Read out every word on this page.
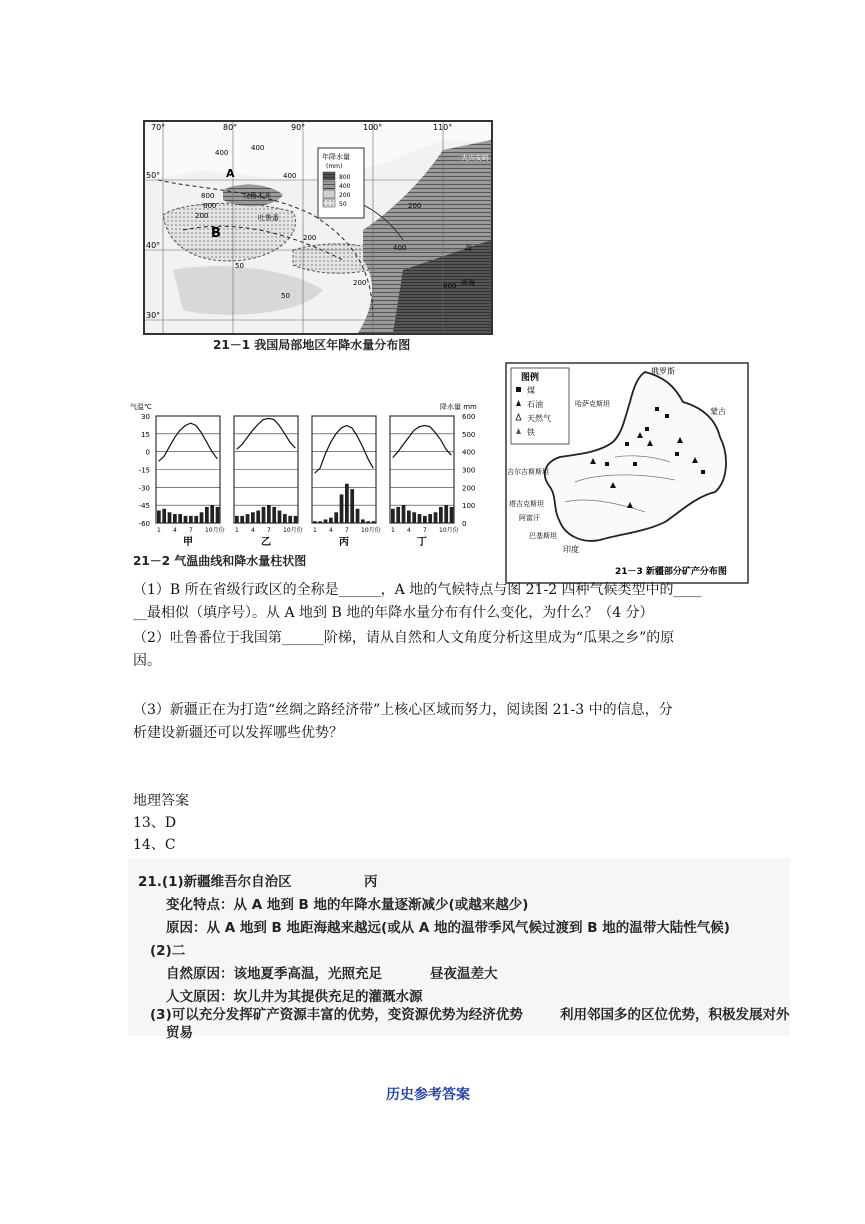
70°	80°	90°	100°	110°
50°
40°
30°
A
B
乌鲁木齐
吐鲁番
400
400
800
600
200
50
400
200
200
400
800
50
200
大兴安岭
海
黄海
年降水量
(mm)
800
400
200
50
21－1 我国局部地区年降水量分布图
气温℃	降水量 mm
30
15
0
-15
-30
-45
-60
600
500
400
300
200
100
0
1 4 7 10月份
甲
1 4 7 10月份
乙
1 4 7 10月份
丙
1 4 7 10月份
丁
21－2 气温曲线和降水量柱状图
图例
煤
石油
天然气
铁
俄罗斯
哈萨克斯坦
蒙古
吉尔吉斯斯坦
塔吉克斯坦
阿富汗
巴基斯坦
印度
21－3 新疆部分矿产分布图
（1）B 所在省级行政区的全称是______，A 地的气候特点与图 21-2 四种气候类型中的____
__最相似（填序号）。从 A 地到 B 地的年降水量分布有什么变化，为什么？（4 分）
（2）吐鲁番位于我国第______阶梯，请从自然和人文角度分析这里成为“瓜果之乡”的原
因。
（3）新疆正在为打造“丝绸之路经济带”上核心区域而努力，阅读图 21-3 中的信息，分
析建设新疆还可以发挥哪些优势？
地理答案
13、D
14、C
21.(1)新疆维吾尔自治区	丙
变化特点：从 A 地到 B 地的年降水量逐渐减少(或越来越少)
原因：从 A 地到 B 地距海越来越远(或从 A 地的温带季风气候过渡到 B 地的温带大陆性气候)
(2)二
自然原因：该地夏季高温，光照充足	昼夜温差大
人文原因：坎儿井为其提供充足的灌溉水源
(3)可以充分发挥矿产资源丰富的优势，变资源优势为经济优势	利用邻国多的区位优势，积极发展对外
贸易
历史参考答案
